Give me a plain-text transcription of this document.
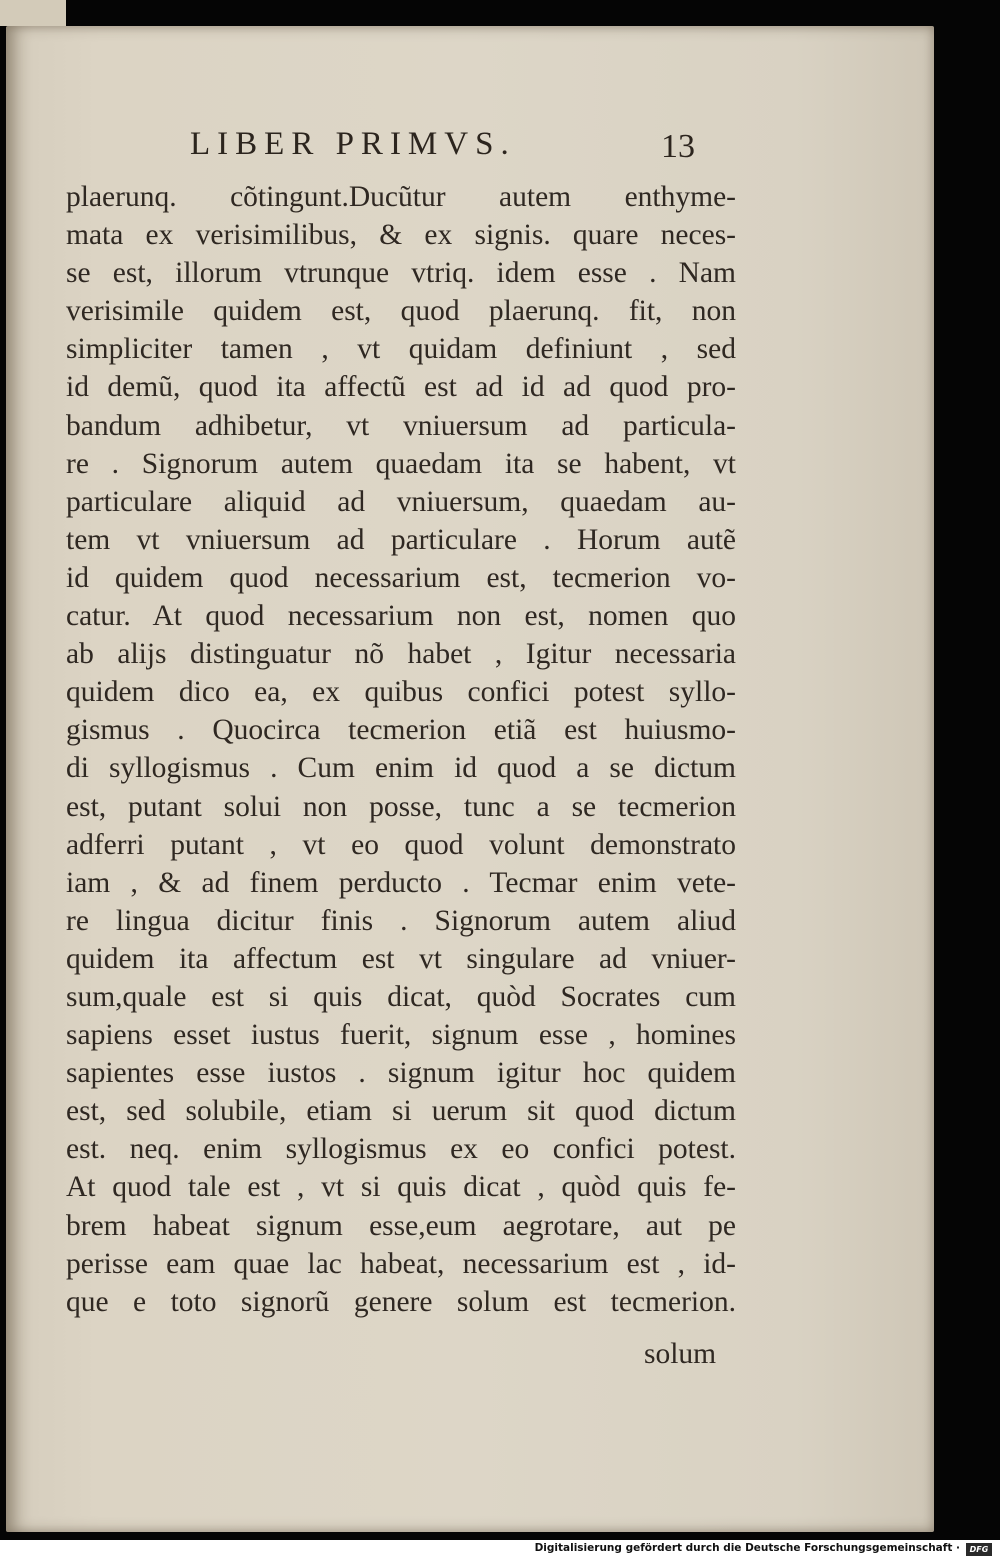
LIBER PRIMVS.	13
plaerunq. cõtingunt.Ducũtur autem enthyme-
mata ex verisimilibus, & ex signis. quare neces-
se est, illorum vtrunque vtriq. idem esse . Nam
verisimile quidem est, quod plaerunq. fit, non
simpliciter tamen , vt quidam definiunt , sed
id demũ, quod ita affectũ est ad id ad quod pro-
bandum adhibetur, vt vniuersum ad particula-
re . Signorum autem quaedam ita se habent, vt
particulare aliquid ad vniuersum, quaedam au-
tem vt vniuersum ad particulare . Horum autẽ
id quidem quod necessarium est, tecmerion vo-
catur. At quod necessarium non est, nomen quo
ab alijs distinguatur nõ habet , Igitur necessaria
quidem dico ea, ex quibus confici potest syllo-
gismus . Quocirca tecmerion etiã est huiusmo-
di syllogismus . Cum enim id quod a se dictum
est, putant solui non posse, tunc a se tecmerion
adferri putant , vt eo quod volunt demonstrato
iam , & ad finem perducto . Tecmar enim vete-
re lingua dicitur finis . Signorum autem aliud
quidem ita affectum est vt singulare ad vniuer-
sum,quale est si quis dicat, quòd Socrates cum
sapiens esset iustus fuerit, signum esse , homines
sapientes esse iustos . signum igitur hoc quidem
est, sed solubile, etiam si uerum sit quod dictum
est. neq. enim syllogismus ex eo confici potest.
At quod tale est , vt si quis dicat , quòd quis fe-
brem habeat signum esse,eum aegrotare, aut pe
perisse eam quae lac habeat, necessarium est , id-
que e toto signorũ genere solum est tecmerion.
solum
Digitalisierung gefördert durch die Deutsche Forschungsgemeinschaft ·	DFG
